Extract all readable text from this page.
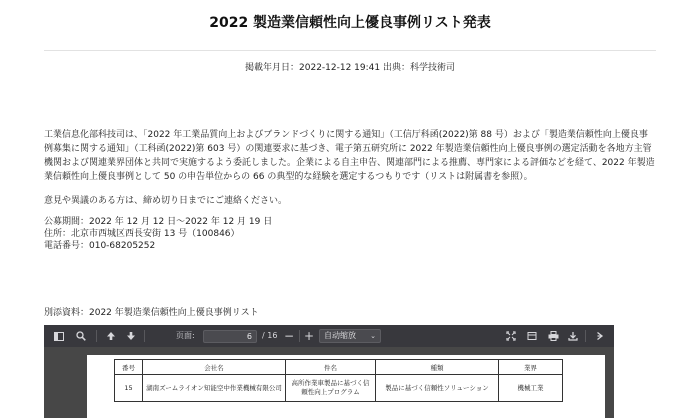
2022 製造業信頼性向上優良事例リスト発表
掲載年月日：2022-12-12 19:41 出典：科学技術司
工業信息化部科技司は、「2022 年工業品質向上およびブランドづくりに関する通知」（工信厅科函(2022)第 88 号）および「製造業信頼性向上優良事例募集に関する通知」（工科函(2022)第 603 号）の関連要求に基づき、電子第五研究所に 2022 年製造業信頼性向上優良事例の選定活動を各地方主管機関および関連業界団体と共同で実施するよう委託しました。企業による自主申告、関連部門による推薦、専門家による評価などを経て、2022 年製造業信頼性向上優良事例として 50 の申告単位からの 66 の典型的な経験を選定するつもりです（リストは附属書を参照）。
意見や異議のある方は、締め切り日までにご連絡ください。
公募期間：2022 年 12 月 12 日～2022 年 12 月 19 日
住所：北京市西城区西長安街 13 号（100846）
電話番号：010-68205252
別添資料：2022 年製造業信頼性向上優良事例リスト
页面:	6	/ 16 − +	自动缩放 ⌄
番号	会社名	件名	種類	業界
15	湖南ズームライオン知能空中作業機械有限公司	高所作業車製品に基づく信頼性向上プログラム	製品に基づく信頼性ソリューション	機械工業
